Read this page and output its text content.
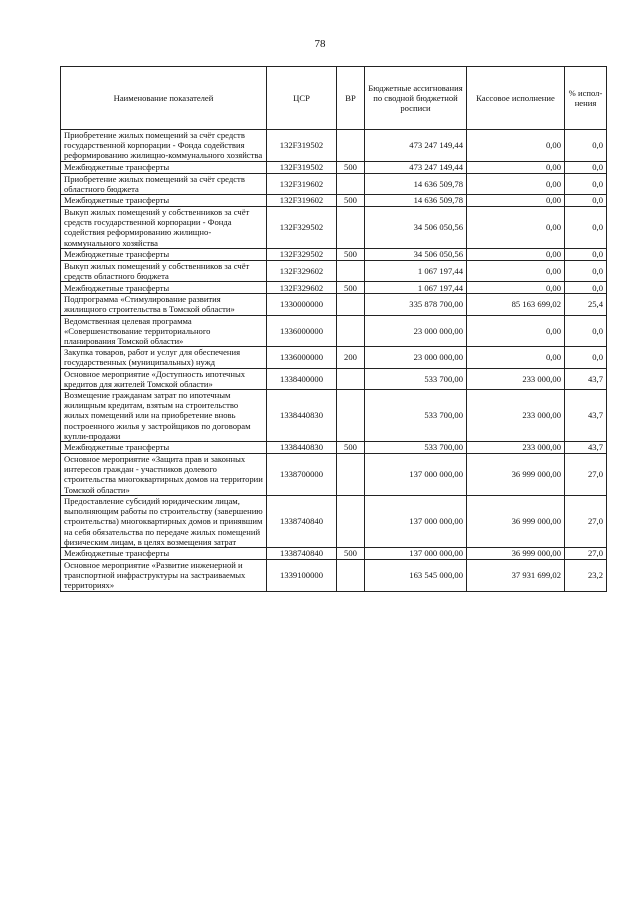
78
Наименование показателей	ЦСР	ВР	Бюджетные ассигнования по сводной бюджетной росписи	Кассовое исполнение	% испол-нения
Приобретение жилых помещений за счёт средств государственной корпорации - Фонда содействия реформированию жилищно-коммунального хозяйства	132F319502		473 247 149,44	0,00	0,0
Межбюджетные трансферты	132F319502	500	473 247 149,44	0,00	0,0
Приобретение жилых помещений за счёт средств областного бюджета	132F319602		14 636 509,78	0,00	0,0
Межбюджетные трансферты	132F319602	500	14 636 509,78	0,00	0,0
Выкуп жилых помещений у собственников за счёт средств государственной корпорации - Фонда содействия реформированию жилищно-коммунального хозяйства	132F329502		34 506 050,56	0,00	0,0
Межбюджетные трансферты	132F329502	500	34 506 050,56	0,00	0,0
Выкуп жилых помещений у собственников за счёт средств областного бюджета	132F329602		1 067 197,44	0,00	0,0
Межбюджетные трансферты	132F329602	500	1 067 197,44	0,00	0,0
Подпрограмма «Стимулирование развития жилищного строительства в Томской области»	1330000000		335 878 700,00	85 163 699,02	25,4
Ведомственная целевая программа «Совершенствование территориального планирования Томской области»	1336000000		23 000 000,00	0,00	0,0
Закупка товаров, работ и услуг для обеспечения государственных (муниципальных) нужд	1336000000	200	23 000 000,00	0,00	0,0
Основное мероприятие «Доступность ипотечных кредитов для жителей Томской области»	1338400000		533 700,00	233 000,00	43,7
Возмещение гражданам затрат по ипотечным жилищным кредитам, взятым на строительство жилых помещений или на приобретение вновь построенного жилья у застройщиков по договорам купли-продажи	1338440830		533 700,00	233 000,00	43,7
Межбюджетные трансферты	1338440830	500	533 700,00	233 000,00	43,7
Основное мероприятие «Защита прав и законных интересов граждан - участников долевого строительства многоквартирных домов на территории Томской области»	1338700000		137 000 000,00	36 999 000,00	27,0
Предоставление субсидий юридическим лицам, выполняющим работы по строительству (завершению строительства) многоквартирных домов и принявшим на себя обязательства по передаче жилых помещений физическим лицам, в целях возмещения затрат	1338740840		137 000 000,00	36 999 000,00	27,0
Межбюджетные трансферты	1338740840	500	137 000 000,00	36 999 000,00	27,0
Основное мероприятие «Развитие инженерной и транспортной инфраструктуры на застраиваемых территориях»	1339100000		163 545 000,00	37 931 699,02	23,2
